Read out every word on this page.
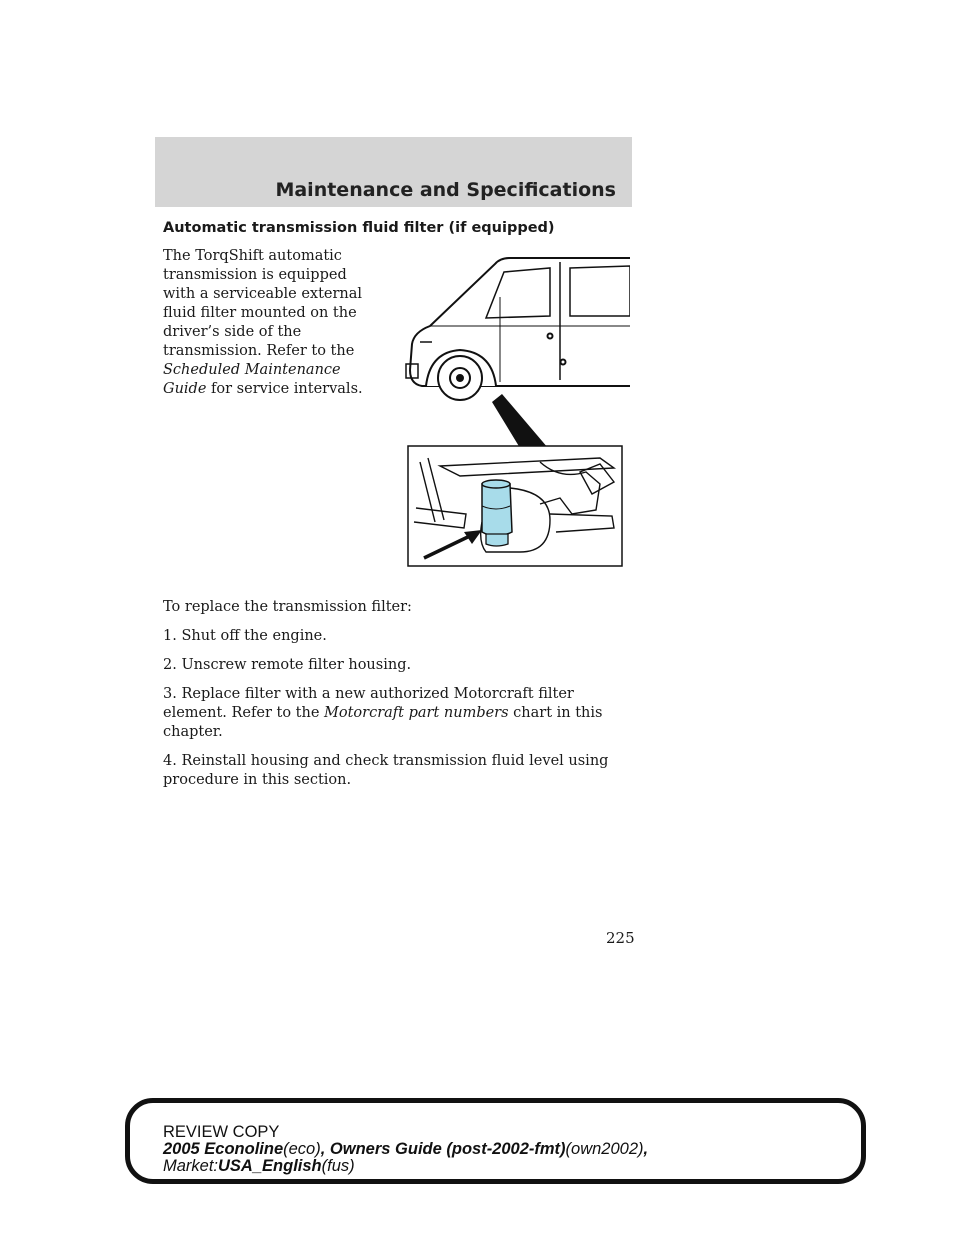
Maintenance and Specifications
Automatic transmission fluid filter (if equipped)

The TorqShift automatic transmission is equipped with a serviceable external fluid filter mounted on the driver’s side of the transmission. Refer to the Scheduled Maintenance Guide for service intervals.

To replace the transmission filter:

1. Shut off the engine.

2. Unscrew remote filter housing.

3. Replace filter with a new authorized Motorcraft filter element. Refer to the Motorcraft part numbers chart in this chapter.

4. Reinstall housing and check transmission fluid level using procedure in this section.

225
REVIEW COPY
2005 Econoline(eco), Owners Guide (post-2002-fmt)(own2002),
Market:USA_English(fus)
